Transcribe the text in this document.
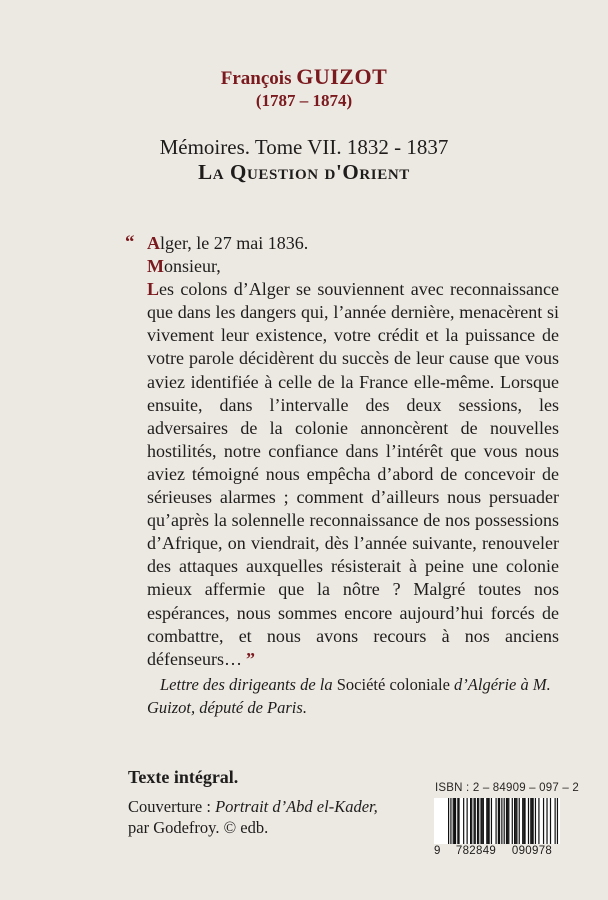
François GUIZOT
(1787 – 1874)
Mémoires. Tome VII. 1832 - 1837
La Question d'Orient
“ Alger, le 27 mai 1836.

Monsieur,

Les colons d’Alger se souviennent avec reconnaissance que dans les dangers qui, l’année dernière, menacèrent si vivement leur existence, votre crédit et la puissance de votre parole décidèrent du succès de leur cause que vous aviez identifiée à celle de la France elle-même. Lorsque ensuite, dans l’intervalle des deux sessions, les adversaires de la colonie annoncèrent de nouvelles hostilités, notre confiance dans l’intérêt que vous nous aviez témoigné nous empêcha d’abord de concevoir de sérieuses alarmes ; comment d’ailleurs nous persuader qu’après la solennelle reconnaissance de nos possessions d’Afrique, on viendrait, dès l’année suivante, renouveler des attaques auxquelles résisterait à peine une colonie mieux affermie que la nôtre ? Malgré toutes nos espérances, nous sommes encore aujourd’hui forcés de combattre, et nous avons recours à nos anciens défenseurs… ”

Lettre des dirigeants de la Société coloniale d’Algérie à M. Guizot, député de Paris.

Texte intégral.
Couverture : Portrait d’Abd el-Kader,
par Godefroy. © edb.
ISBN : 2 – 84909 – 097 – 2
9	782849	090978
